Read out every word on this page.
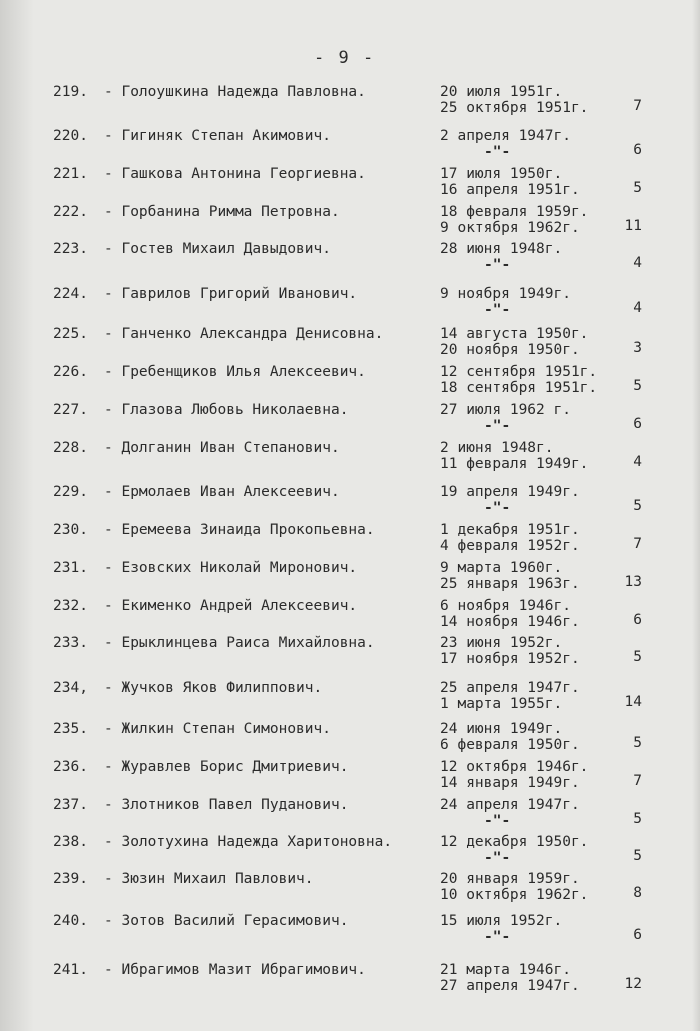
- 9 -
219. - Голоушкина Надежда Павловна.	20 июля 1951г.
25 октября 1951г.	7
220. - Гигиняк Степан Акимович.	2 апреля 1947г.
-"-	6
221. - Гашкова Антонина Георгиевна.	17 июля 1950г.
16 апреля 1951г.	5
222. - Горбанина Римма Петровна.	18 февраля 1959г.
9 октября 1962г.	11
223. - Гостев Михаил Давыдович.	28 июня 1948г.
-"-	4
224. - Гаврилов Григорий Иванович.	9 ноября 1949г.
-"-	4
225. - Ганченко Александра Денисовна.	14 августа 1950г.
20 ноября 1950г.	3
226. - Гребенщиков Илья Алексеевич.	12 сентября 1951г.
18 сентября 1951г.	5
227. - Глазова Любовь Николаевна.	27 июля 1962 г.
-"-	6
228. - Долганин Иван Степанович.	2 июня 1948г.
11 февраля 1949г.	4
229. - Ермолаев Иван Алексеевич.	19 апреля 1949г.
-"-	5
230. - Еремеева Зинаида Прокопьевна.	1 декабря 1951г.
4 февраля 1952г.	7
231. - Езовских Николай Миронович.	9 марта 1960г.
25 января 1963г.	13
232. - Екименко Андрей Алексеевич.	6 ноября 1946г.
14 ноября 1946г.	6
233. - Ерыклинцева Раиса Михайловна.	23 июня 1952г.
17 ноября 1952г.	5
234, - Жучков Яков Филиппович.	25 апреля 1947г.
1 марта 1955г.	14
235. - Жилкин Степан Симонович.	24 июня 1949г.
6 февраля 1950г.	5
236. - Журавлев Борис Дмитриевич.	12 октября 1946г.
14 января 1949г.	7
237. - Злотников Павел Пуданович.	24 апреля 1947г.
-"-	5
238. - Золотухина Надежда Харитоновна.	12 декабря 1950г.
-"-	5
239. - Зюзин Михаил Павлович.	20 января 1959г.
10 октября 1962г.	8
240. - Зотов Василий Герасимович.	15 июля 1952г.
-"-	6
241. - Ибрагимов Мазит Ибрагимович.	21 марта 1946г.
27 апреля 1947г.	12
